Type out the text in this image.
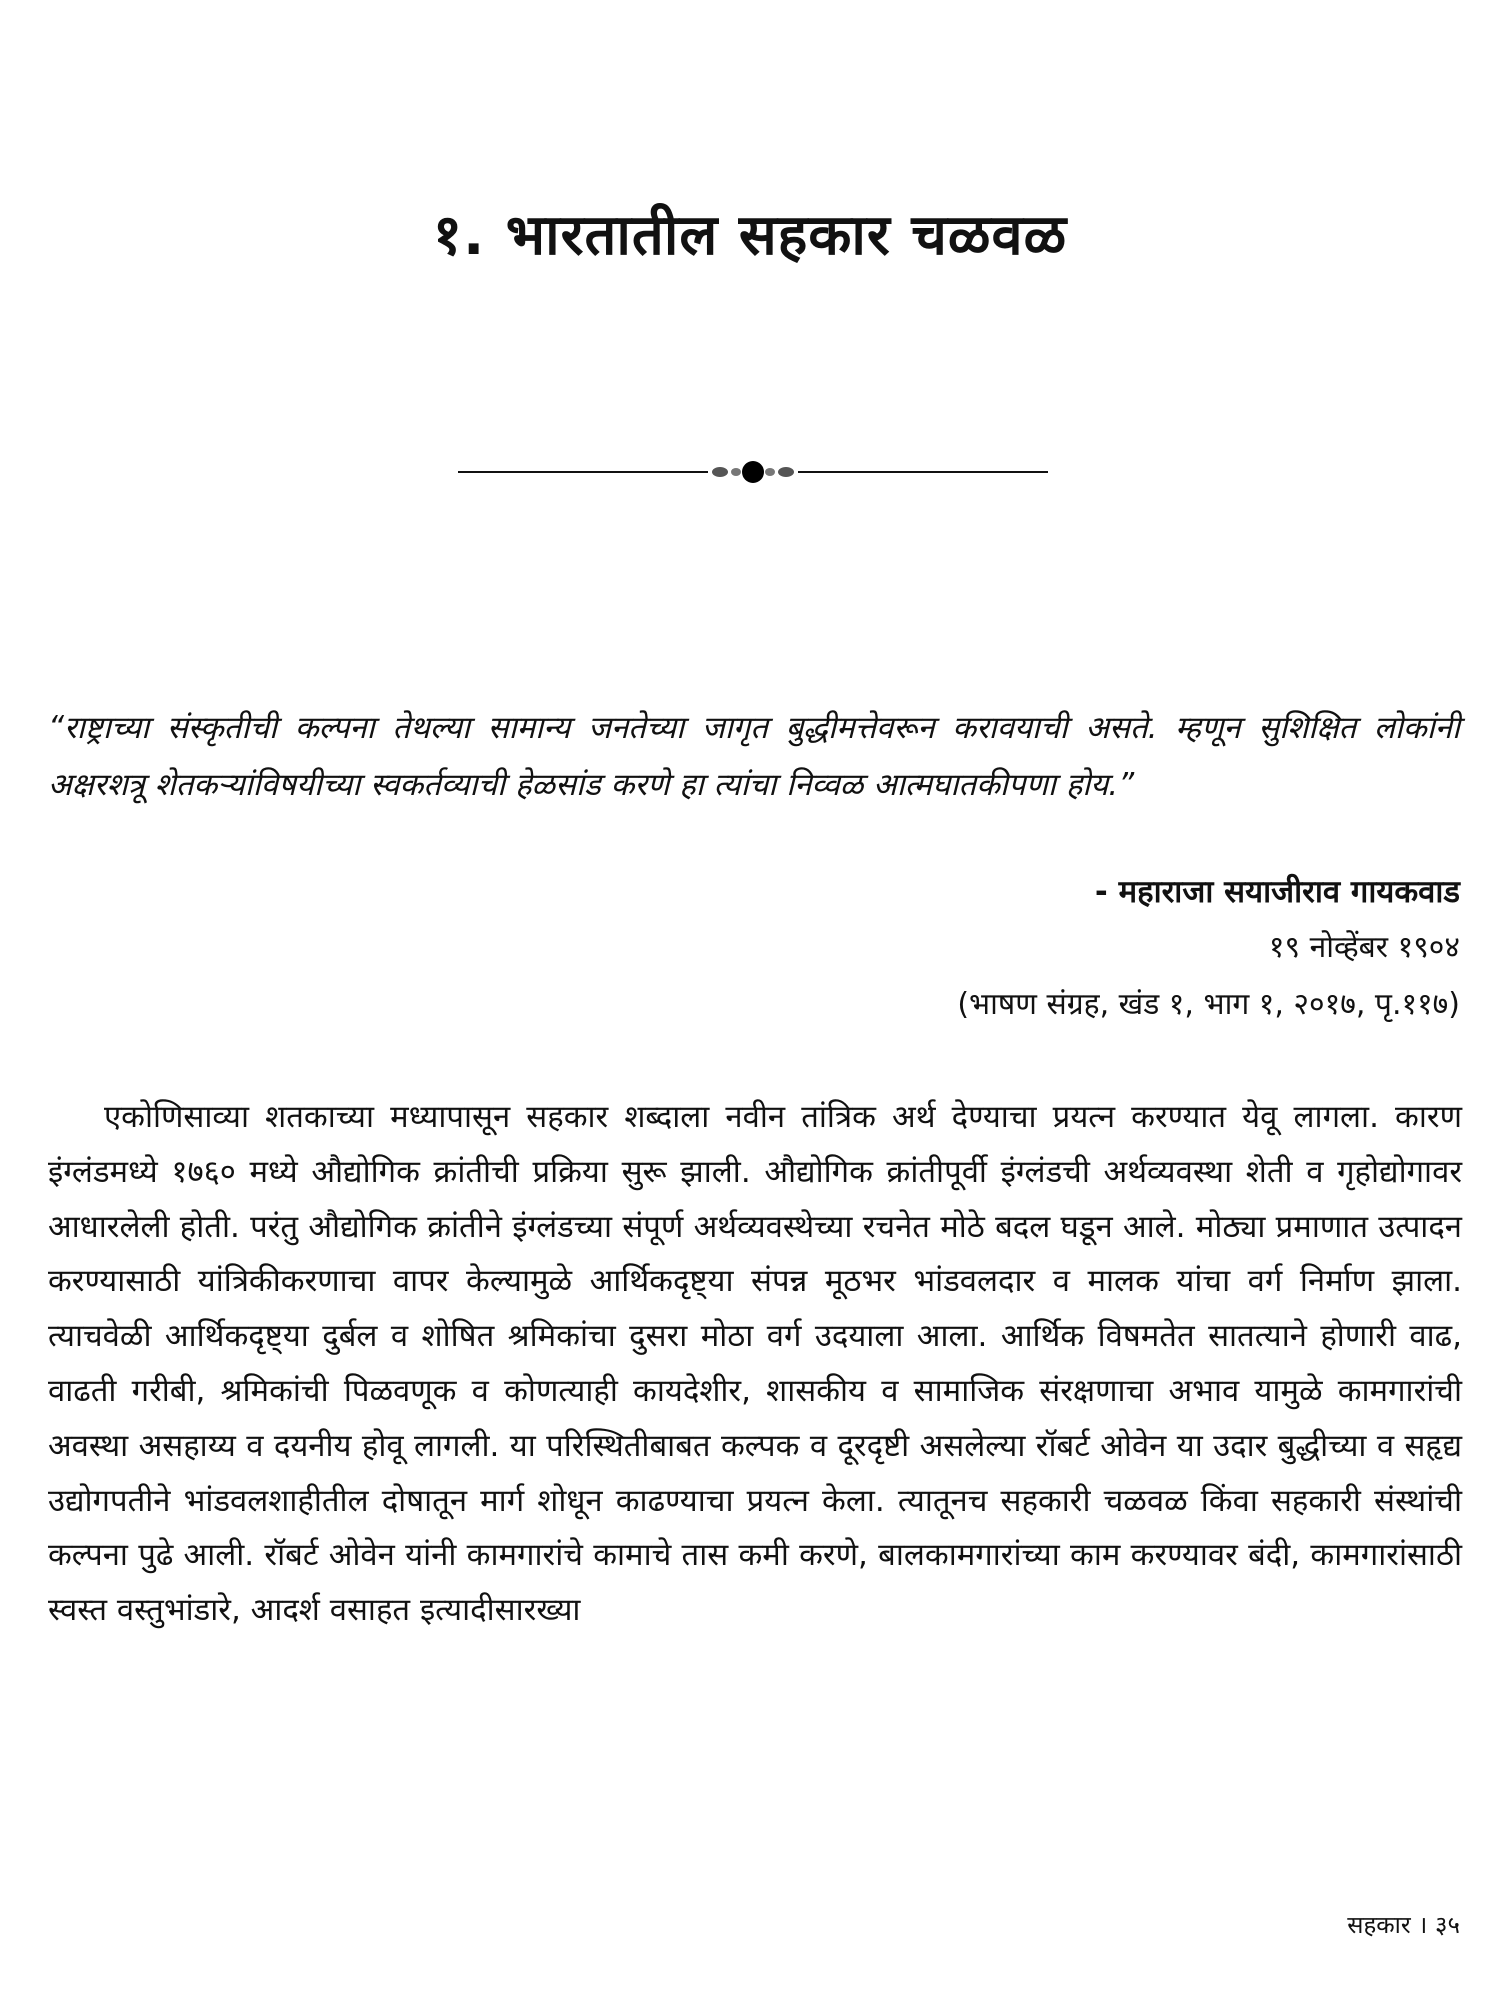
१. भारतातील सहकार चळवळ

“राष्ट्राच्या संस्कृतीची कल्पना तेथल्या सामान्य जनतेच्या जागृत बुद्धीमत्तेवरून करावयाची असते. म्हणून सुशिक्षित लोकांनी अक्षरशत्रू शेतकऱ्यांविषयीच्या स्वकर्तव्याची हेळसांड करणे हा त्यांचा निव्वळ आत्मघातकीपणा होय.”

- महाराजा सयाजीराव गायकवाड

१९ नोव्हेंबर १९०४

(भाषण संग्रह, खंड १, भाग १, २०१७, पृ.११७)

एकोणिसाव्या शतकाच्या मध्यापासून सहकार शब्दाला नवीन तांत्रिक अर्थ देण्याचा प्रयत्न करण्यात येवू लागला. कारण इंग्लंडमध्ये १७६० मध्ये औद्योगिक क्रांतीची प्रक्रिया सुरू झाली. औद्योगिक क्रांतीपूर्वी इंग्लंडची अर्थव्यवस्था शेती व गृहोद्योगावर आधारलेली होती. परंतु औद्योगिक क्रांतीने इंग्लंडच्या संपूर्ण अर्थव्यवस्थेच्या रचनेत मोठे बदल घडून आले. मोठ्या प्रमाणात उत्पादन करण्यासाठी यांत्रिकीकरणाचा वापर केल्यामुळे आर्थिकदृष्ट्या संपन्न मूठभर भांडवलदार व मालक यांचा वर्ग निर्माण झाला. त्याचवेळी आर्थिकदृष्ट्या दुर्बल व शोषित श्रमिकांचा दुसरा मोठा वर्ग उदयाला आला. आर्थिक विषमतेत सातत्याने होणारी वाढ, वाढती गरीबी, श्रमिकांची पिळवणूक व कोणत्याही कायदेशीर, शासकीय व सामाजिक संरक्षणाचा अभाव यामुळे कामगारांची अवस्था असहाय्य व दयनीय होवू लागली. या परिस्थितीबाबत कल्पक व दूरदृष्टी असलेल्या रॉबर्ट ओवेन या उदार बुद्धीच्या व सहृद्य उद्योगपतीने भांडवलशाहीतील दोषातून मार्ग शोधून काढण्याचा प्रयत्न केला. त्यातूनच सहकारी चळवळ किंवा सहकारी संस्थांची कल्पना पुढे आली. रॉबर्ट ओवेन यांनी कामगारांचे कामाचे तास कमी करणे, बालकामगारांच्या काम करण्यावर बंदी, कामगारांसाठी स्वस्त वस्तुभांडारे, आदर्श वसाहत इत्यादीसारख्या

सहकार । ३५
